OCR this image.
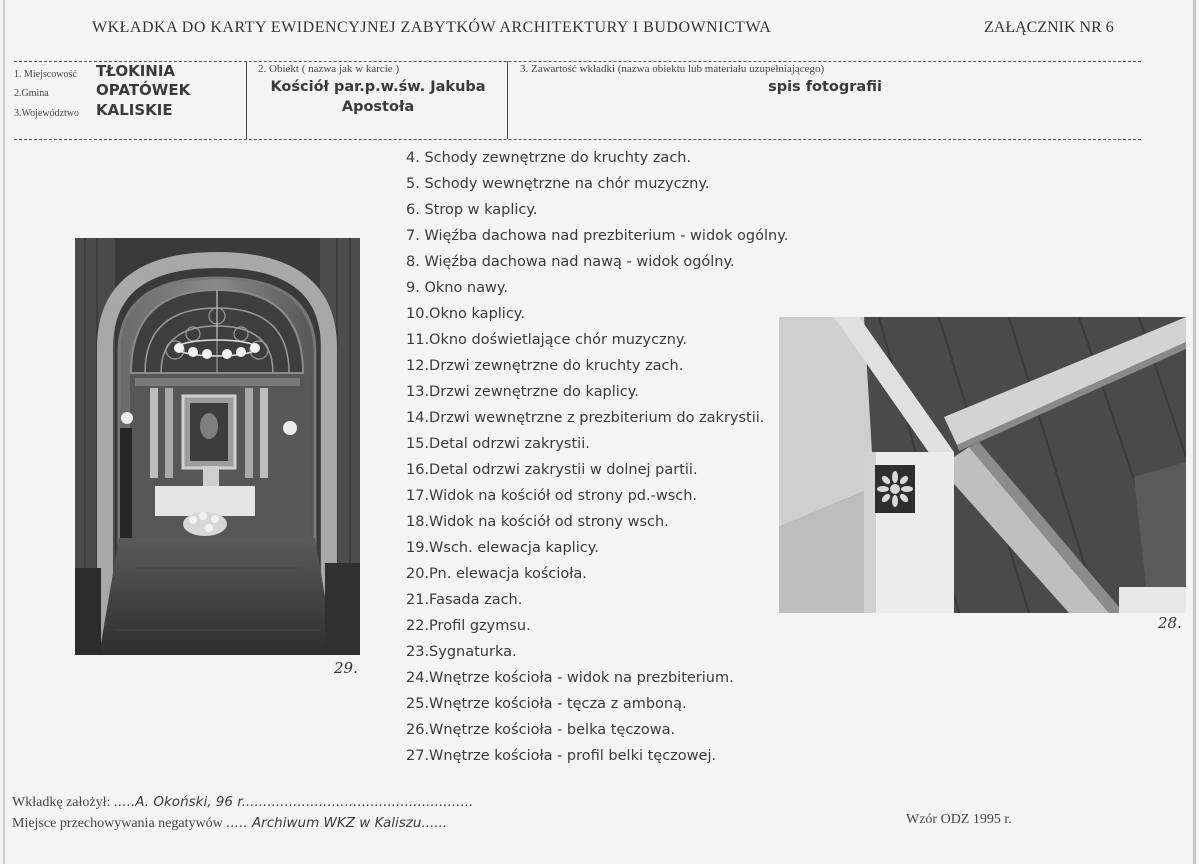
WKŁADKA DO KARTY EWIDENCYJNEJ ZABYTKÓW ARCHITEKTURY I BUDOWNICTWA	ZAŁĄCZNIK NR 6
1. Miejscowość TŁOKINIA
2.Gmina	OPATÓWEK
3.Województwo KALISKIE
2. Obiekt ( nazwa jak w karcie )
Kościół par.p.w.św. Jakuba
Apostoła
3. Zawartość wkładki (nazwa obiektu lub materiału uzupełniającego)
spis fotografii
4. Schody zewnętrzne do kruchty zach.
5. Schody wewnętrzne na chór muzyczny.
6. Strop w kaplicy.
7. Więźba dachowa nad prezbiterium - widok ogólny.
8. Więźba dachowa nad nawą - widok ogólny.
9. Okno nawy.
10.Okno kaplicy.
11.Okno doświetlające chór muzyczny.
12.Drzwi zewnętrzne do kruchty zach.
13.Drzwi zewnętrzne do kaplicy.
14.Drzwi wewnętrzne z prezbiterium do zakrystii.
15.Detal odrzwi zakrystii.
16.Detal odrzwi zakrystii w dolnej partii.
17.Widok na kościół od strony pd.-wsch.
18.Widok na kościół od strony wsch.
19.Wsch. elewacja kaplicy.
20.Pn. elewacja kościoła.
21.Fasada zach.
22.Profil gzymsu.
23.Sygnaturka.
24.Wnętrze kościoła - widok na prezbiterium.
25.Wnętrze kościoła - tęcza z amboną.
26.Wnętrze kościoła - belka tęczowa.
27.Wnętrze kościoła - profil belki tęczowej.
29.
28.
Wkładkę założył: .....A. Okoński, 96 r......................................................
Miejsce przechowywania negatywów ..... Archiwum WKZ w Kaliszu......	Wzór ODZ 1995 r.
